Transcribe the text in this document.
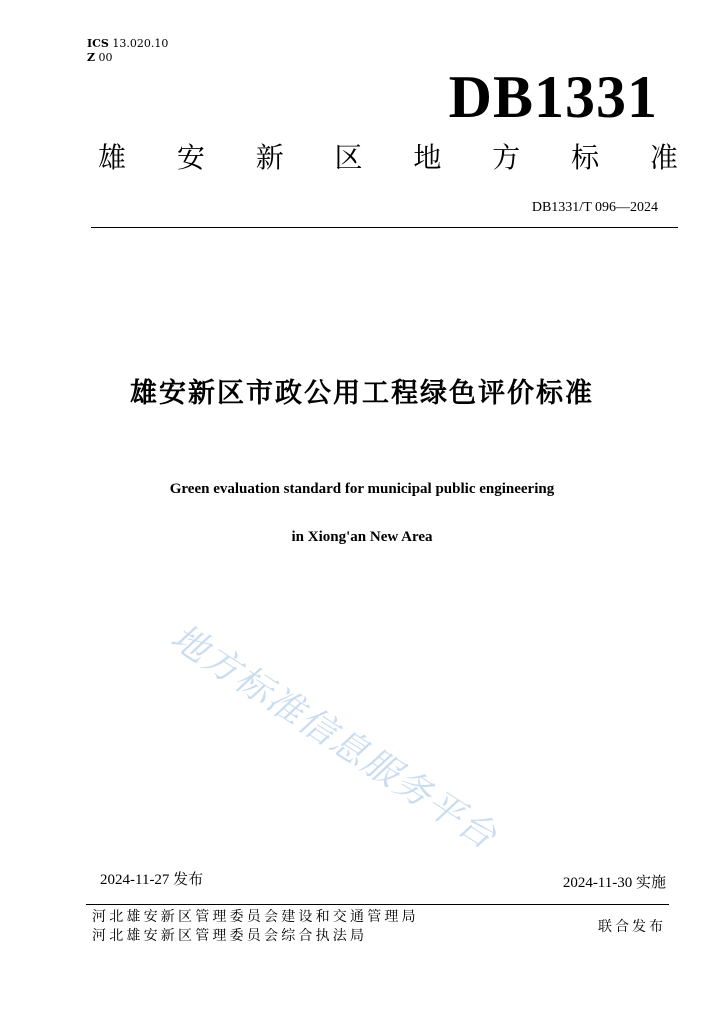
ICS 13.020.10
Z 00
DB1331
雄 安 新 区 地 方 标 准
DB1331/T 096—2024
雄安新区市政公用工程绿色评价标准
Green evaluation standard for municipal public engineering
in Xiong'an New Area
地方标准信息服务平台
2024-11-27 发布	2024-11-30 实施
河北雄安新区管理委员会建设和交通管理局
河北雄安新区管理委员会综合执法局
联合发布
